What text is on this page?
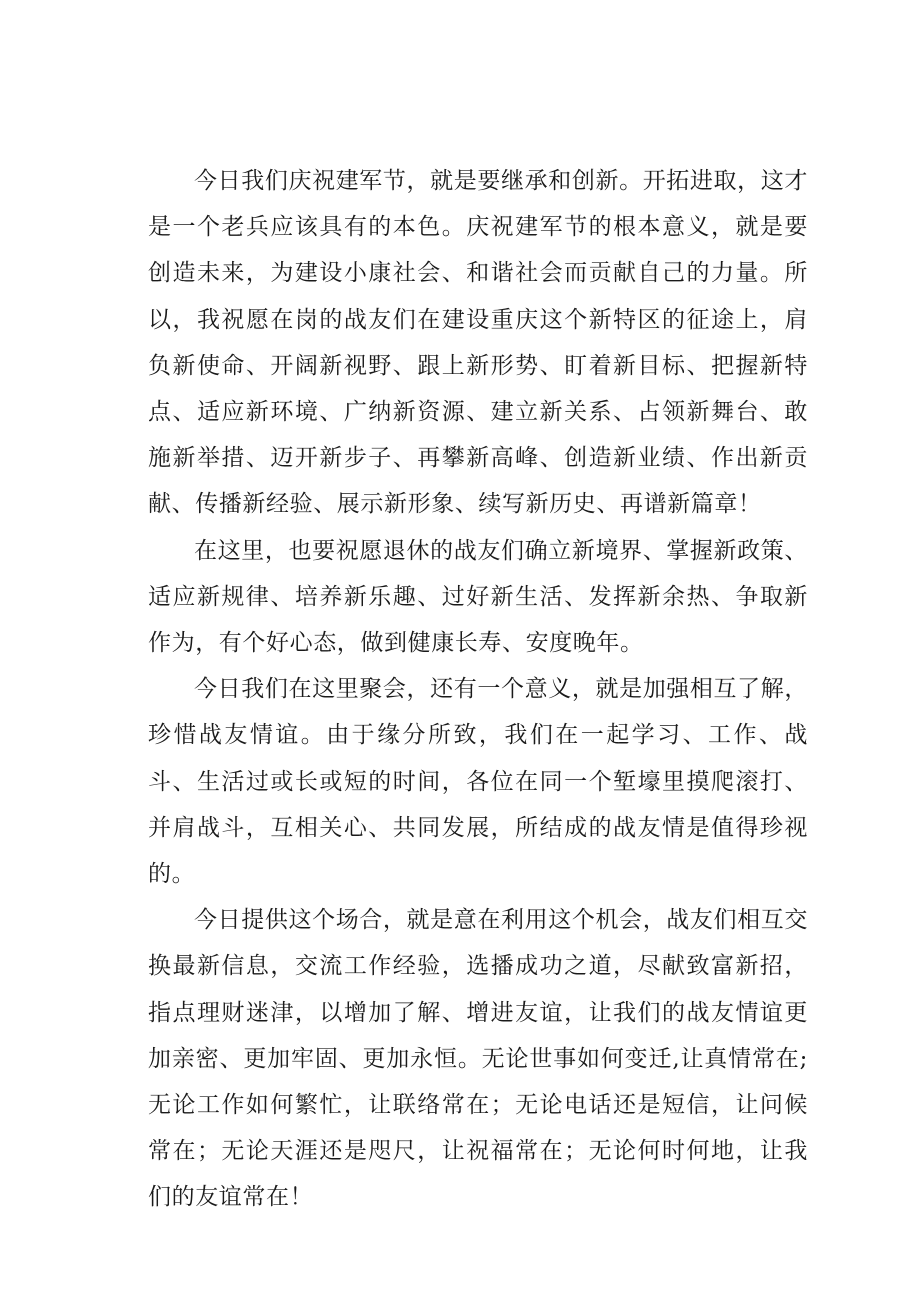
今日我们庆祝建军节，就是要继承和创新。开拓进取，这才是一个老兵应该具有的本色。庆祝建军节的根本意义，就是要创造未来，为建设小康社会、和谐社会而贡献自己的力量。所以，我祝愿在岗的战友们在建设重庆这个新特区的征途上，肩负新使命、开阔新视野、跟上新形势、盯着新目标、把握新特点、适应新环境、广纳新资源、建立新关系、占领新舞台、敢施新举措、迈开新步子、再攀新高峰、创造新业绩、作出新贡献、传播新经验、展示新形象、续写新历史、再谱新篇章！

在这里，也要祝愿退休的战友们确立新境界、掌握新政策、适应新规律、培养新乐趣、过好新生活、发挥新余热、争取新作为，有个好心态，做到健康长寿、安度晚年。

今日我们在这里聚会，还有一个意义，就是加强相互了解，珍惜战友情谊。由于缘分所致，我们在一起学习、工作、战斗、生活过或长或短的时间，各位在同一个堑壕里摸爬滚打、并肩战斗，互相关心、共同发展，所结成的战友情是值得珍视的。

今日提供这个场合，就是意在利用这个机会，战友们相互交换最新信息，交流工作经验，选播成功之道，尽献致富新招，指点理财迷津，以增加了解、增进友谊，让我们的战友情谊更加亲密、更加牢固、更加永恒。无论世事如何变迁,让真情常在;无论工作如何繁忙，让联络常在；无论电话还是短信，让问候常在；无论天涯还是咫尺，让祝福常在；无论何时何地，让我们的友谊常在！
